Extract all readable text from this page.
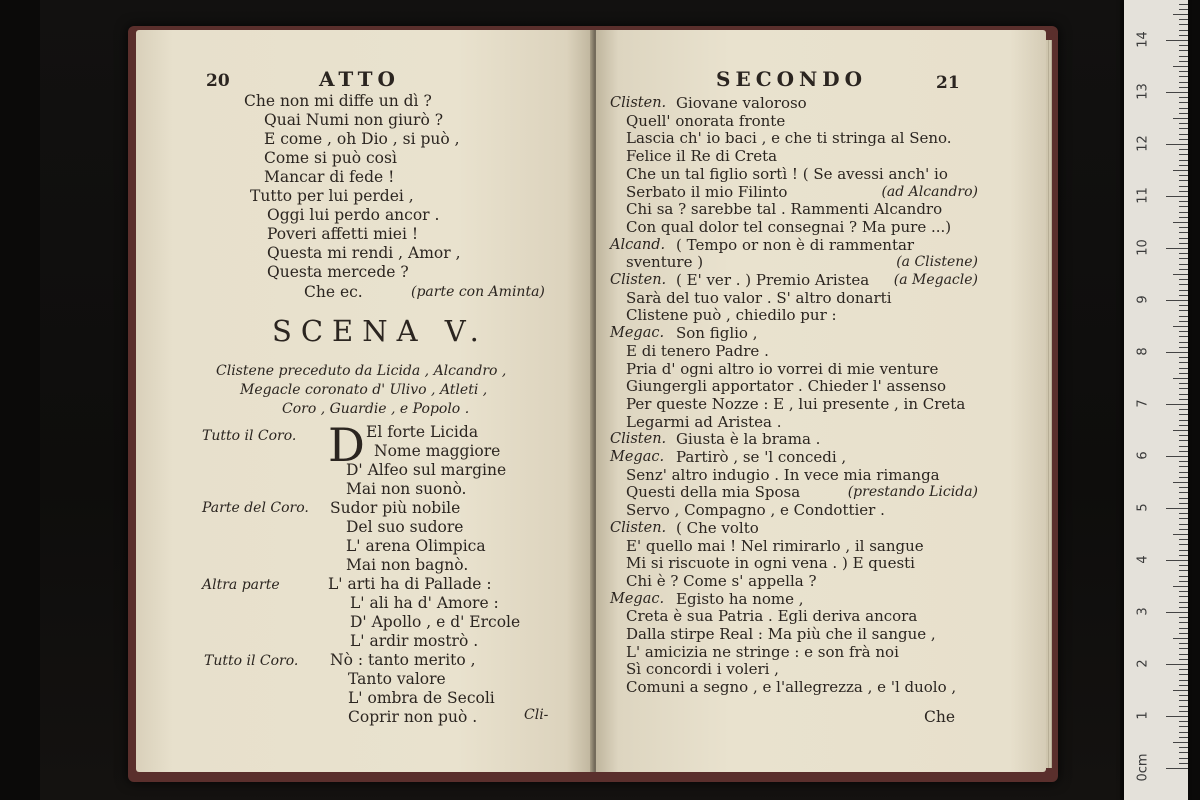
20	ATTO
Che non mi diffe un dì ?
Quai Numi non giurò ?
E come , oh Dio , si può ,
Come si può così
Mancar di fede !
Tutto per lui perdei ,
Oggi lui perdo ancor .
Poveri affetti miei !
Questa mi rendi , Amor ,
Questa mercede ?
Che ec.	(parte con Aminta)
SCENA V.
Clistene preceduto da Licida , Alcandro ,
Megacle coronato d' Ulivo , Atleti ,
Coro , Guardie , e Popolo .
Tutto il Coro. D El forte Licida
Nome maggiore
D' Alfeo sul margine
Mai non suonò.
Parte del Coro. Sudor più nobile
Del suo sudore
L' arena Olimpica
Mai non bagnò.
Altra parte	L' arti ha di Pallade :
L' ali ha d' Amore :
D' Apollo , e d' Ercole
L' ardir mostrò .
Tutto il Coro. Nò : tanto merito ,
Tanto valore
L' ombra de Secoli
Coprir non può .	Cli-
SECONDO	21
Clisten. Giovane valoroso
Quell' onorata fronte
Lascia ch' io baci , e che ti stringa al Seno.
Felice il Re di Creta
Che un tal figlio sortì ! ( Se avessi anch' io
Serbato il mio Filinto	(ad Alcandro)
Chi sa ? sarebbe tal . Rammenti Alcandro
Con qual dolor tel consegnai ? Ma pure ...)
Alcand. ( Tempo or non è di rammentar
sventure )	(a Clistene)
Clisten. ( E' ver . ) Premio Aristea (a Megacle)
Sarà del tuo valor . S' altro donarti
Clistene può , chiedilo pur :
Megac. Son figlio ,
E di tenero Padre .
Pria d' ogni altro io vorrei di mie venture
Giungergli apportator . Chieder l' assenso
Per queste Nozze : E , lui presente , in Creta
Legarmi ad Aristea .
Clisten. Giusta è la brama .
Megac. Partirò , se 'l concedi ,
Senz' altro indugio . In vece mia rimanga
Questi della mia Sposa	(prestando Licida)
Servo , Compagno , e Condottier .
Clisten. ( Che volto
E' quello mai ! Nel rimirarlo , il sangue
Mi si riscuote in ogni vena . ) E questi
Chi è ? Come s' appella ?
Megac. Egisto ha nome ,
Creta è sua Patria . Egli deriva ancora
Dalla stirpe Real : Ma più che il sangue ,
L' amicizia ne stringe : e son frà noi
Sì concordi i voleri ,
Comuni a segno , e l'allegrezza , e 'l duolo ,
Che
0cm
1
2
3
4
5
6
7
8
9
10
11
12
13
14
